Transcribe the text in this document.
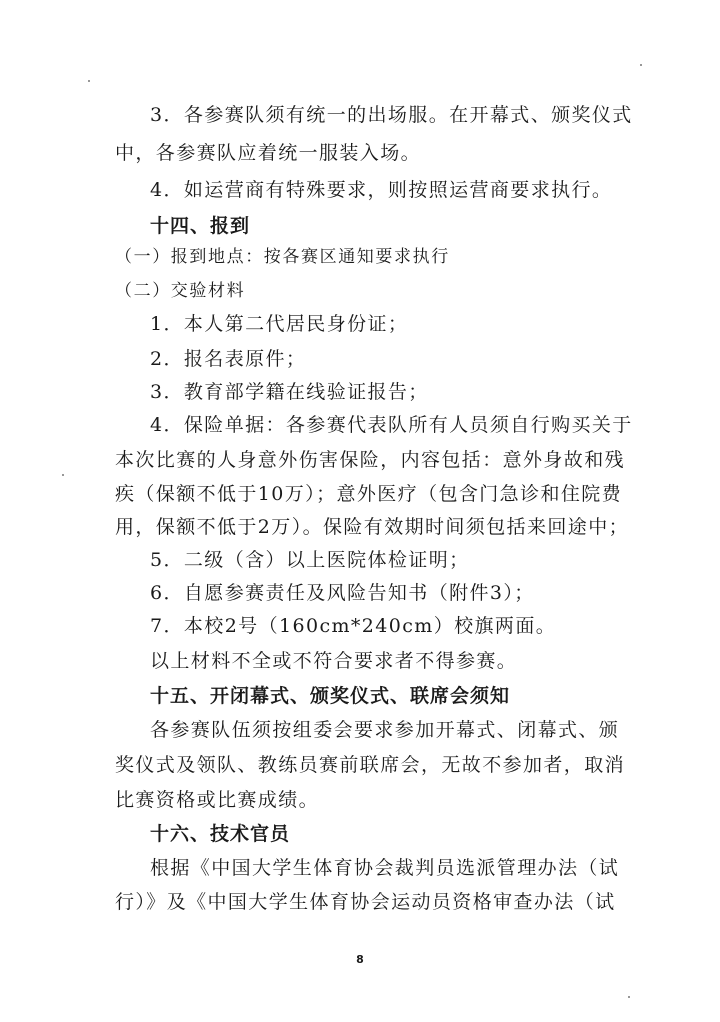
3．各参赛队须有统一的出场服。在开幕式、颁奖仪式
中，各参赛队应着统一服装入场。
4．如运营商有特殊要求，则按照运营商要求执行。
十四、报到
（一）报到地点：按各赛区通知要求执行
（二）交验材料
1．本人第二代居民身份证；
2．报名表原件；
3．教育部学籍在线验证报告；
4．保险单据：各参赛代表队所有人员须自行购买关于
本次比赛的人身意外伤害保险，内容包括：意外身故和残
疾（保额不低于10万）；意外医疗（包含门急诊和住院费
用，保额不低于2万）。保险有效期时间须包括来回途中；
5．二级（含）以上医院体检证明；
6．自愿参赛责任及风险告知书（附件3）；
7．本校2号（160cm*240cm）校旗两面。
以上材料不全或不符合要求者不得参赛。
十五、开闭幕式、颁奖仪式、联席会须知
各参赛队伍须按组委会要求参加开幕式、闭幕式、颁
奖仪式及领队、教练员赛前联席会，无故不参加者，取消
比赛资格或比赛成绩。
十六、技术官员
根据《中国大学生体育协会裁判员选派管理办法（试
行）》及《中国大学生体育协会运动员资格审查办法（试
8
